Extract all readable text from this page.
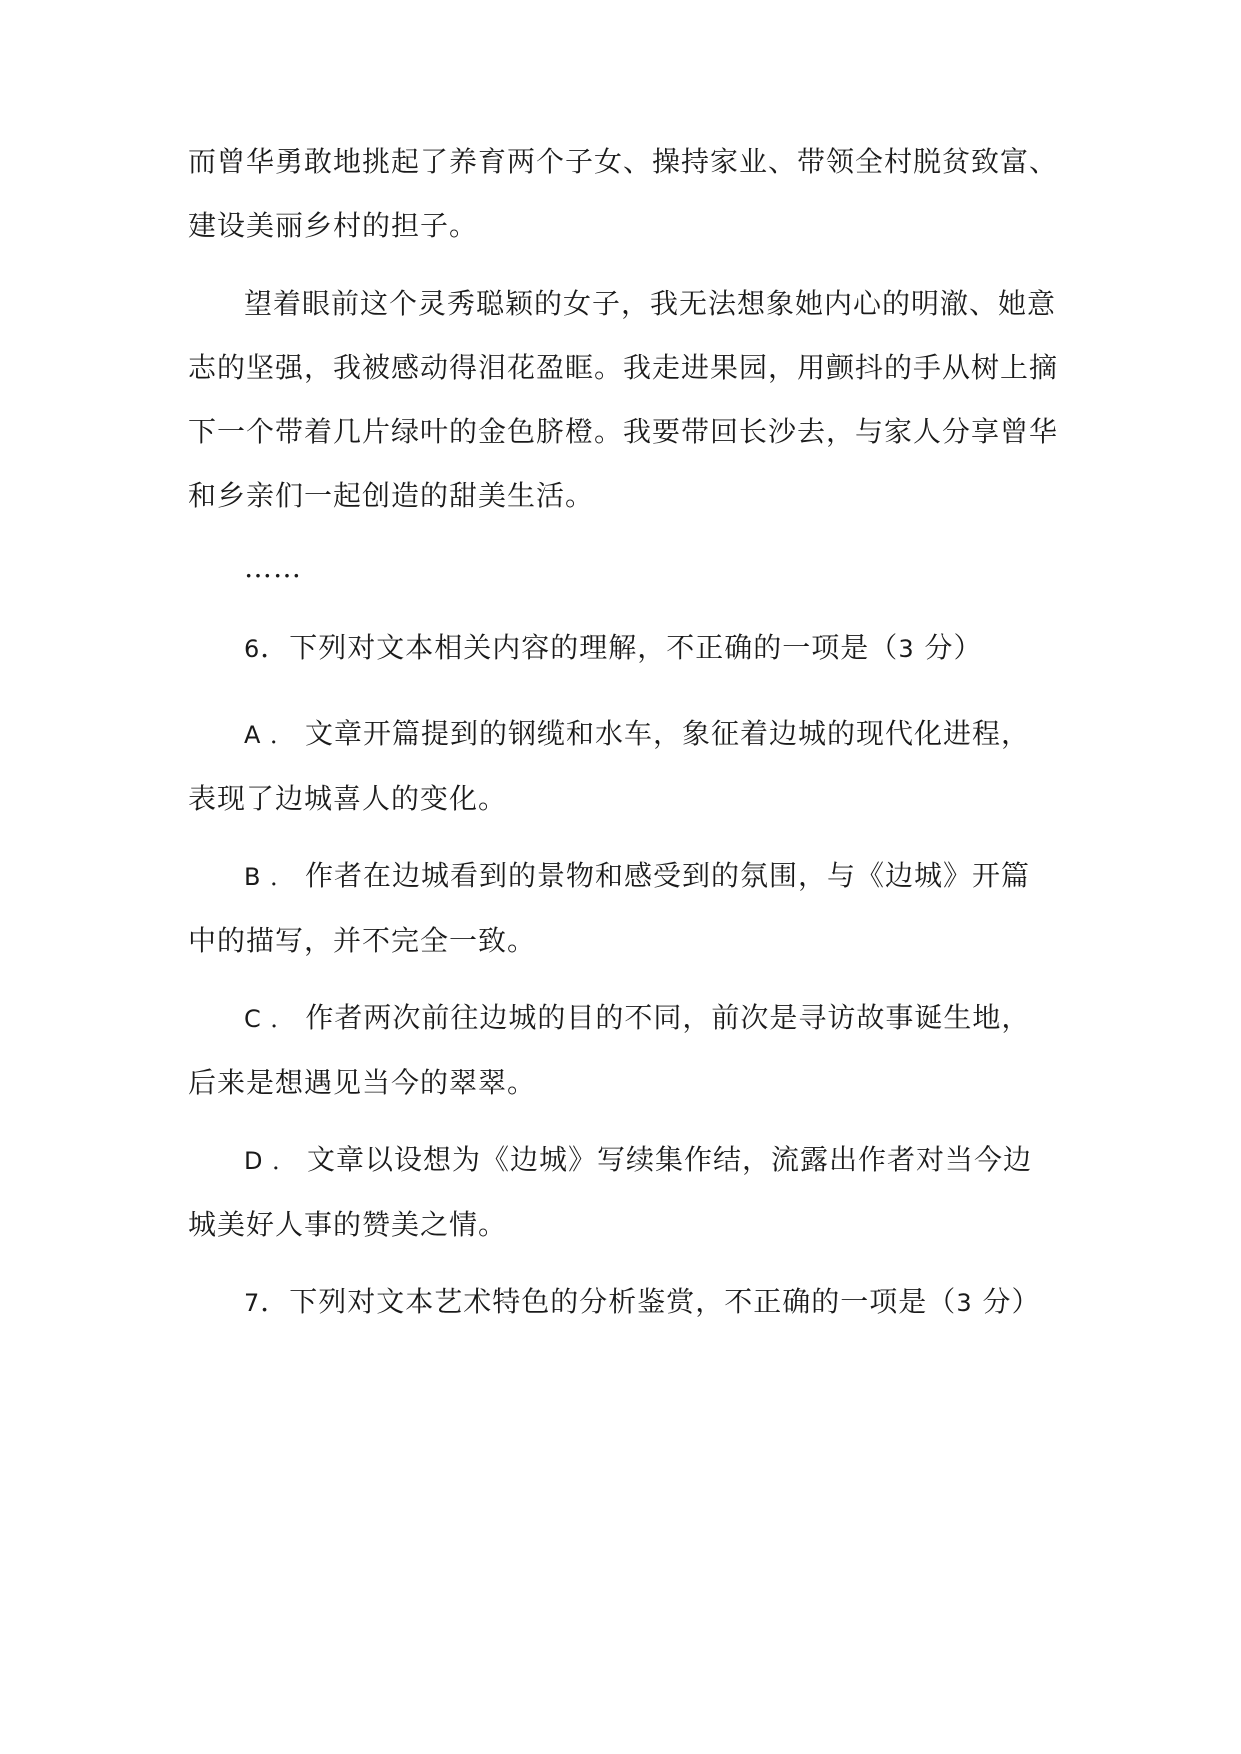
而曾华勇敢地挑起了养育两个子女、操持家业、带领全村脱贫致富、建设美丽乡村的担子。

望着眼前这个灵秀聪颖的女子，我无法想象她内心的明澈、她意志的坚强，我被感动得泪花盈眶。我走进果园，用颤抖的手从树上摘下一个带着几片绿叶的金色脐橙。我要带回长沙去，与家人分享曾华和乡亲们一起创造的甜美生活。

……

6．下列对文本相关内容的理解，不正确的一项是（3 分）

A ． 文章开篇提到的钢缆和水车，象征着边城的现代化进程，表现了边城喜人的变化。

B ． 作者在边城看到的景物和感受到的氛围，与《边城》开篇中的描写，并不完全一致。

C ． 作者两次前往边城的目的不同，前次是寻访故事诞生地，后来是想遇见当今的翠翠。

D ． 文章以设想为《边城》写续集作结，流露出作者对当今边城美好人事的赞美之情。

7．下列对文本艺术特色的分析鉴赏，不正确的一项是（3 分）
